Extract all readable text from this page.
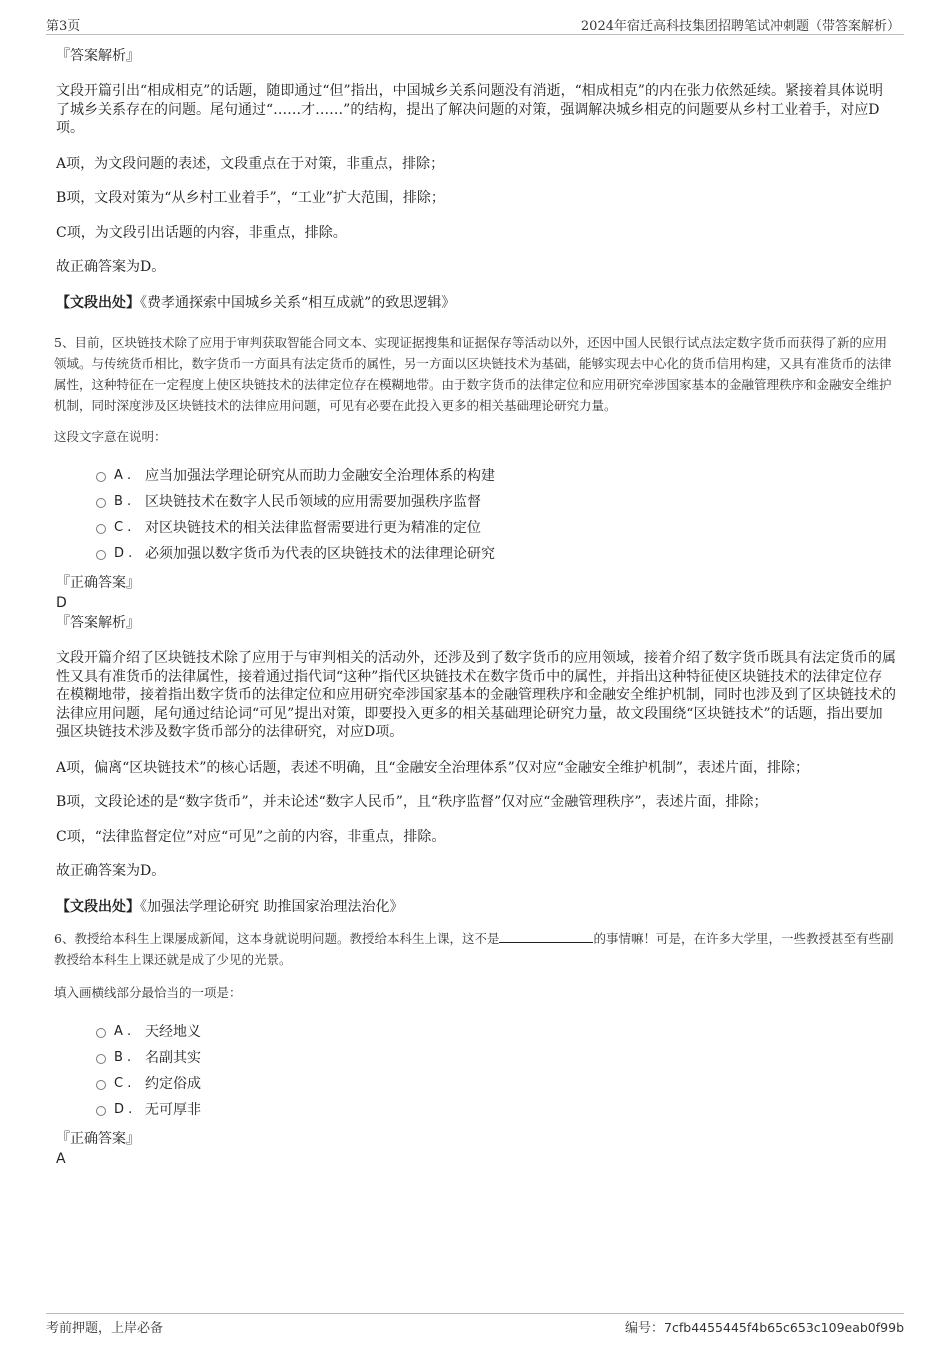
第3页	2024年宿迁高科技集团招聘笔试冲刺题（带答案解析）

『答案解析』

文段开篇引出“相成相克”的话题，随即通过“但”指出，中国城乡关系问题没有消逝，“相成相克”的内在张力依然延续。紧接着具体说明了城乡关系存在的问题。尾句通过“……才……”的结构，提出了解决问题的对策，强调解决城乡相克的问题要从乡村工业着手，对应D项。

A项，为文段问题的表述，文段重点在于对策，非重点，排除；

B项，文段对策为“从乡村工业着手”，“工业”扩大范围，排除；

C项，为文段引出话题的内容，非重点，排除。

故正确答案为D。

【文段出处】《费孝通探索中国城乡关系“相互成就”的致思逻辑》

5、目前，区块链技术除了应用于审判获取智能合同文本、实现证据搜集和证据保存等活动以外，还因中国人民银行试点法定数字货币而获得了新的应用领域。与传统货币相比，数字货币一方面具有法定货币的属性，另一方面以区块链技术为基础，能够实现去中心化的货币信用构建，又具有准货币的法律属性，这种特征在一定程度上使区块链技术的法律定位存在模糊地带。由于数字货币的法律定位和应用研究牵涉国家基本的金融管理秩序和金融安全维护机制，同时深度涉及区块链技术的法律应用问题，可见有必要在此投入更多的相关基础理论研究力量。

这段文字意在说明：

A . 应当加强法学理论研究从而助力金融安全治理体系的构建
B . 区块链技术在数字人民币领域的应用需要加强秩序监督
C . 对区块链技术的相关法律监督需要进行更为精准的定位
D . 必须加强以数字货币为代表的区块链技术的法律理论研究

『正确答案』

D

『答案解析』

文段开篇介绍了区块链技术除了应用于与审判相关的活动外，还涉及到了数字货币的应用领域，接着介绍了数字货币既具有法定货币的属性又具有准货币的法律属性，接着通过指代词“这种”指代区块链技术在数字货币中的属性，并指出这种特征使区块链技术的法律定位存在模糊地带，接着指出数字货币的法律定位和应用研究牵涉国家基本的金融管理秩序和金融安全维护机制，同时也涉及到了区块链技术的法律应用问题，尾句通过结论词“可见”提出对策，即要投入更多的相关基础理论研究力量，故文段围绕“区块链技术”的话题，指出要加强区块链技术涉及数字货币部分的法律研究，对应D项。

A项，偏离“区块链技术”的核心话题，表述不明确，且“金融安全治理体系”仅对应“金融安全维护机制”，表述片面，排除；

B项，文段论述的是“数字货币”，并未论述“数字人民币”，且“秩序监督”仅对应“金融管理秩序”，表述片面，排除；

C项，“法律监督定位”对应“可见”之前的内容，非重点，排除。

故正确答案为D。

【文段出处】《加强法学理论研究 助推国家治理法治化》

6、教授给本科生上课屡成新闻，这本身就说明问题。教授给本科生上课，这不是	的事情嘛！可是，在许多大学里，一些教授甚至有些副教授给本科生上课还就是成了少见的光景。

填入画横线部分最恰当的一项是：

A . 天经地义
B . 名副其实
C . 约定俗成
D . 无可厚非

『正确答案』

A

考前押题，上岸必备	编号：7cfb4455445f4b65c653c109eab0f99b
